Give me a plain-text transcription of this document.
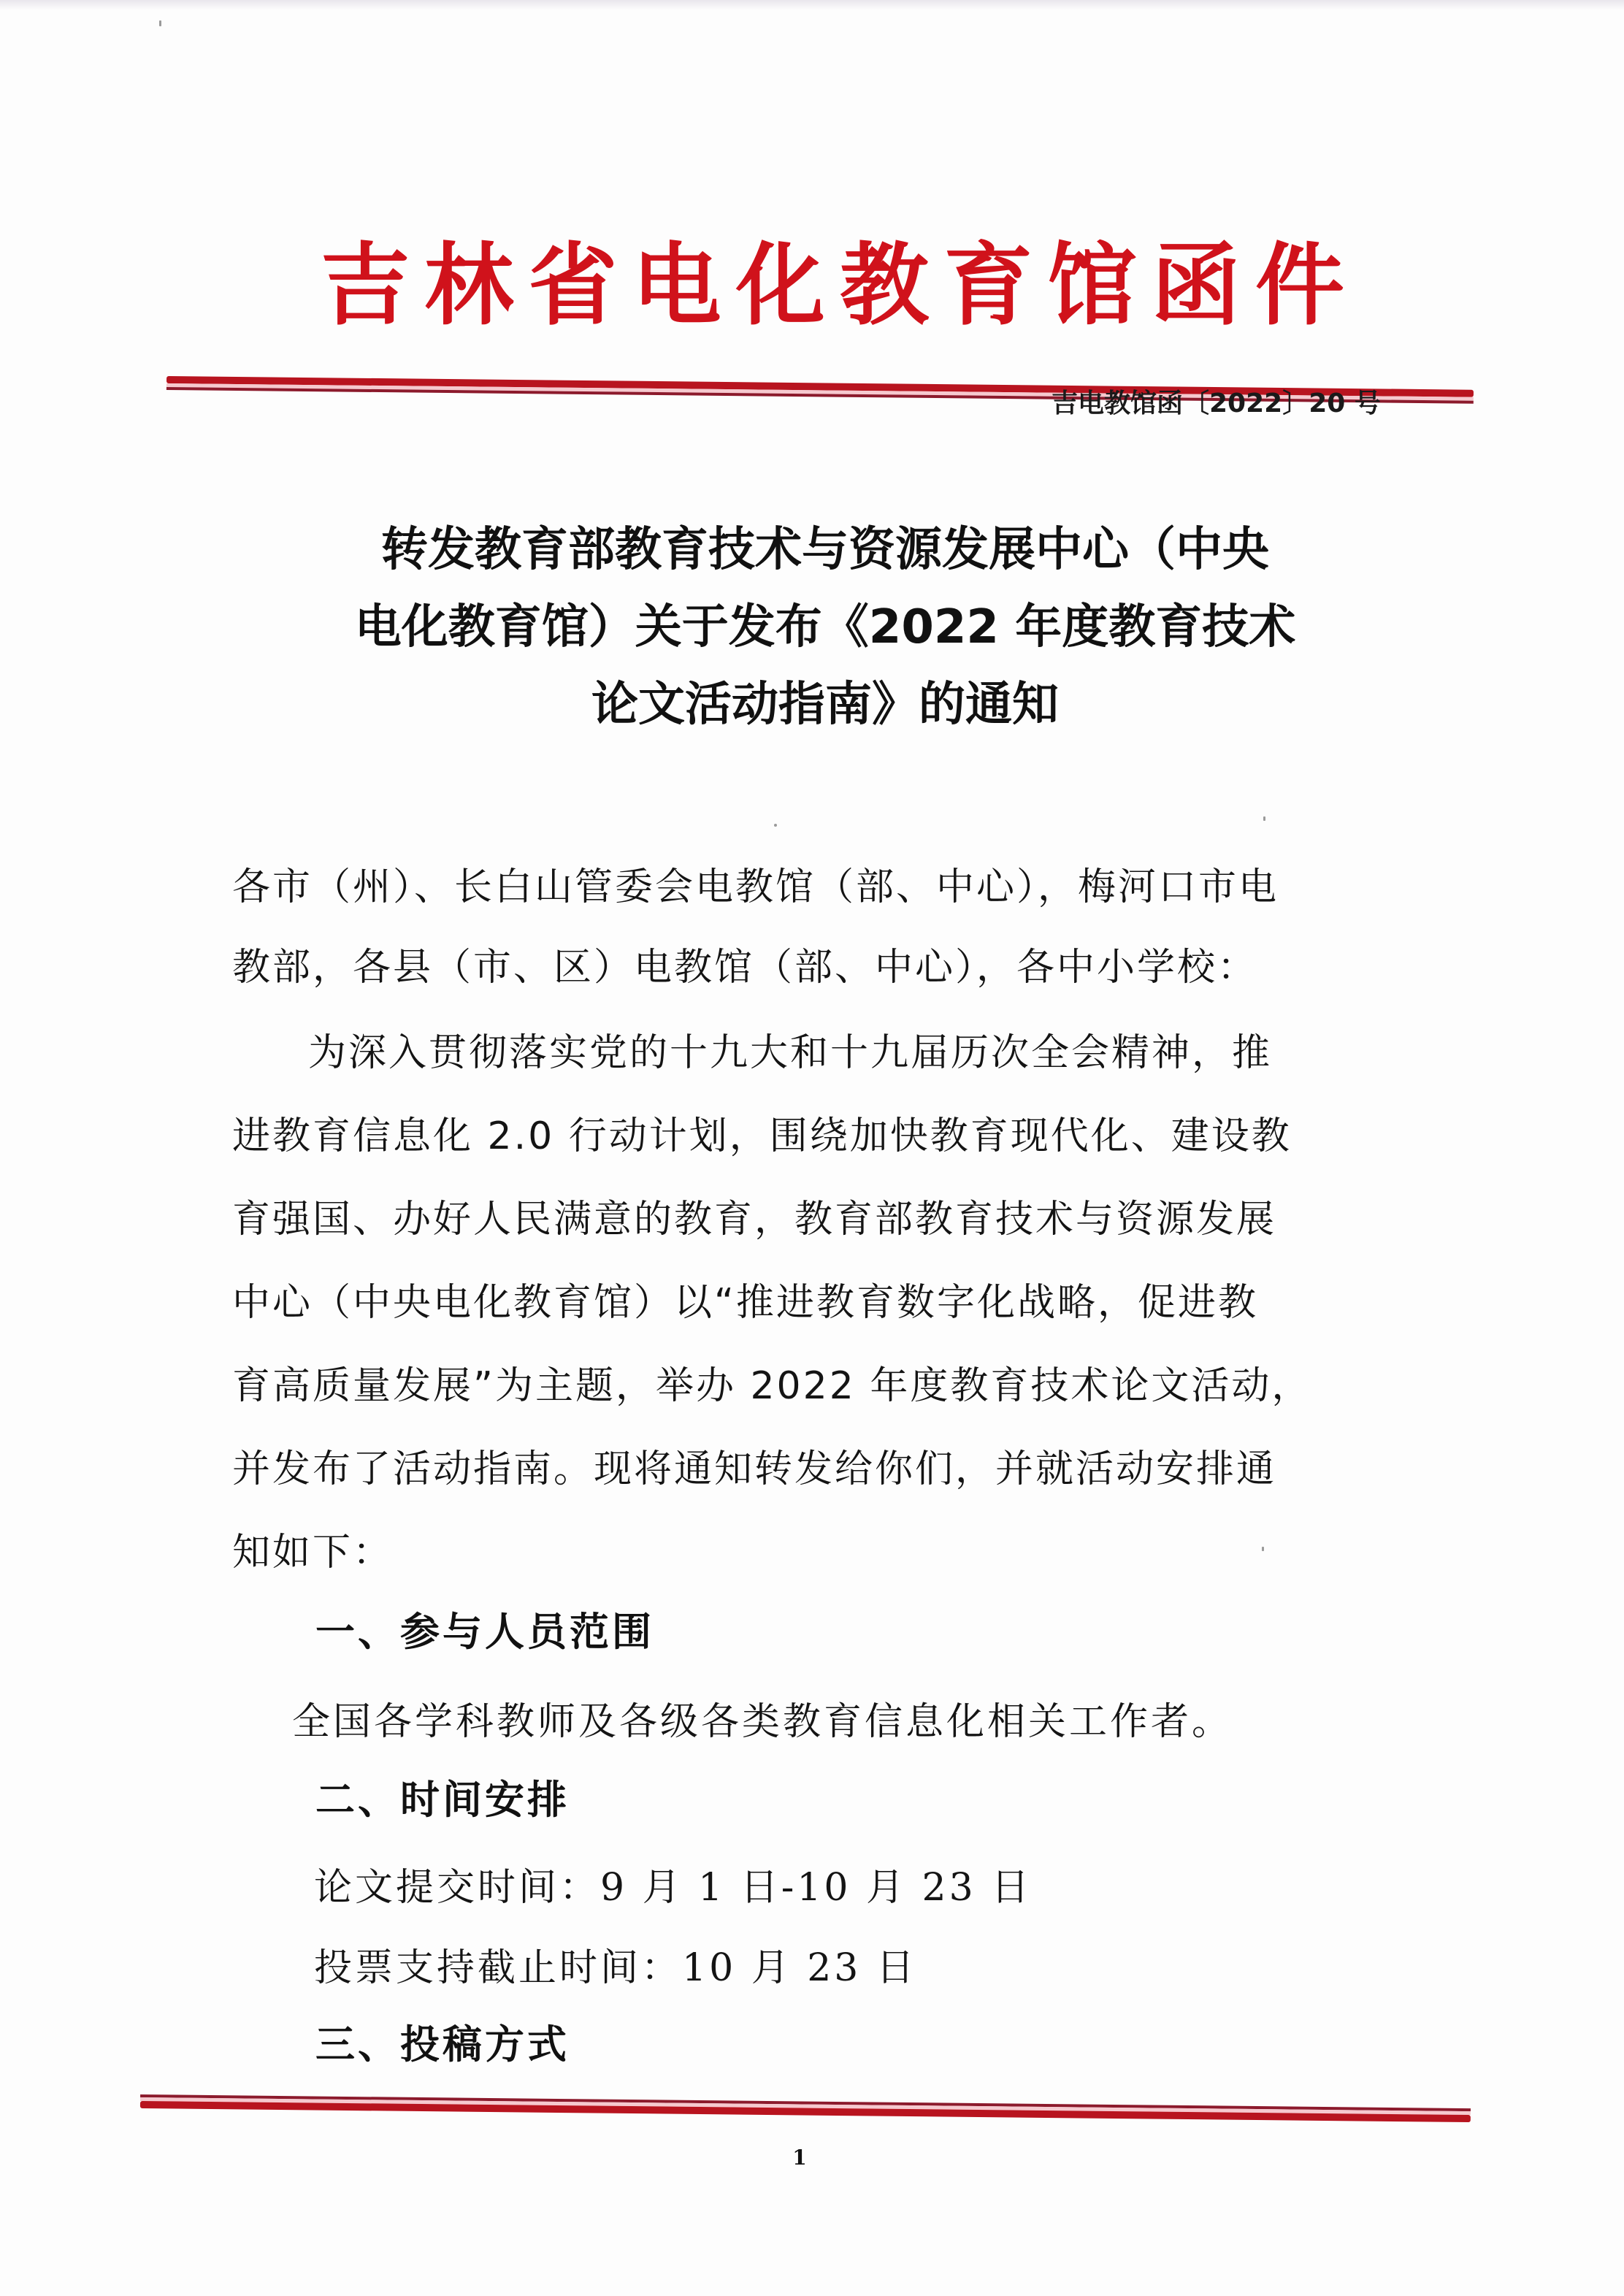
吉 林 省 电 化 教 育 馆 函 件
吉电教馆函〔2022〕20 号
转发教育部教育技术与资源发展中心（中央
电化教育馆）关于发布《2022 年度教育技术
论文活动指南》的通知
各市（州）、长白山管委会电教馆（部、中心），梅河口市电
教部，各县（市、区）电教馆（部、中心），各中小学校：
为深入贯彻落实党的十九大和十九届历次全会精神，推
进教育信息化 2.0 行动计划，围绕加快教育现代化、建设教
育强国、办好人民满意的教育，教育部教育技术与资源发展
中心（中央电化教育馆）以“推进教育数字化战略，促进教
育高质量发展”为主题，举办 2022 年度教育技术论文活动，
并发布了活动指南。现将通知转发给你们，并就活动安排通
知如下：
一、参与人员范围
全国各学科教师及各级各类教育信息化相关工作者。
二、时间安排
论文提交时间：9 月 1 日-10 月 23 日
投票支持截止时间：10 月 23 日
三、投稿方式
1
